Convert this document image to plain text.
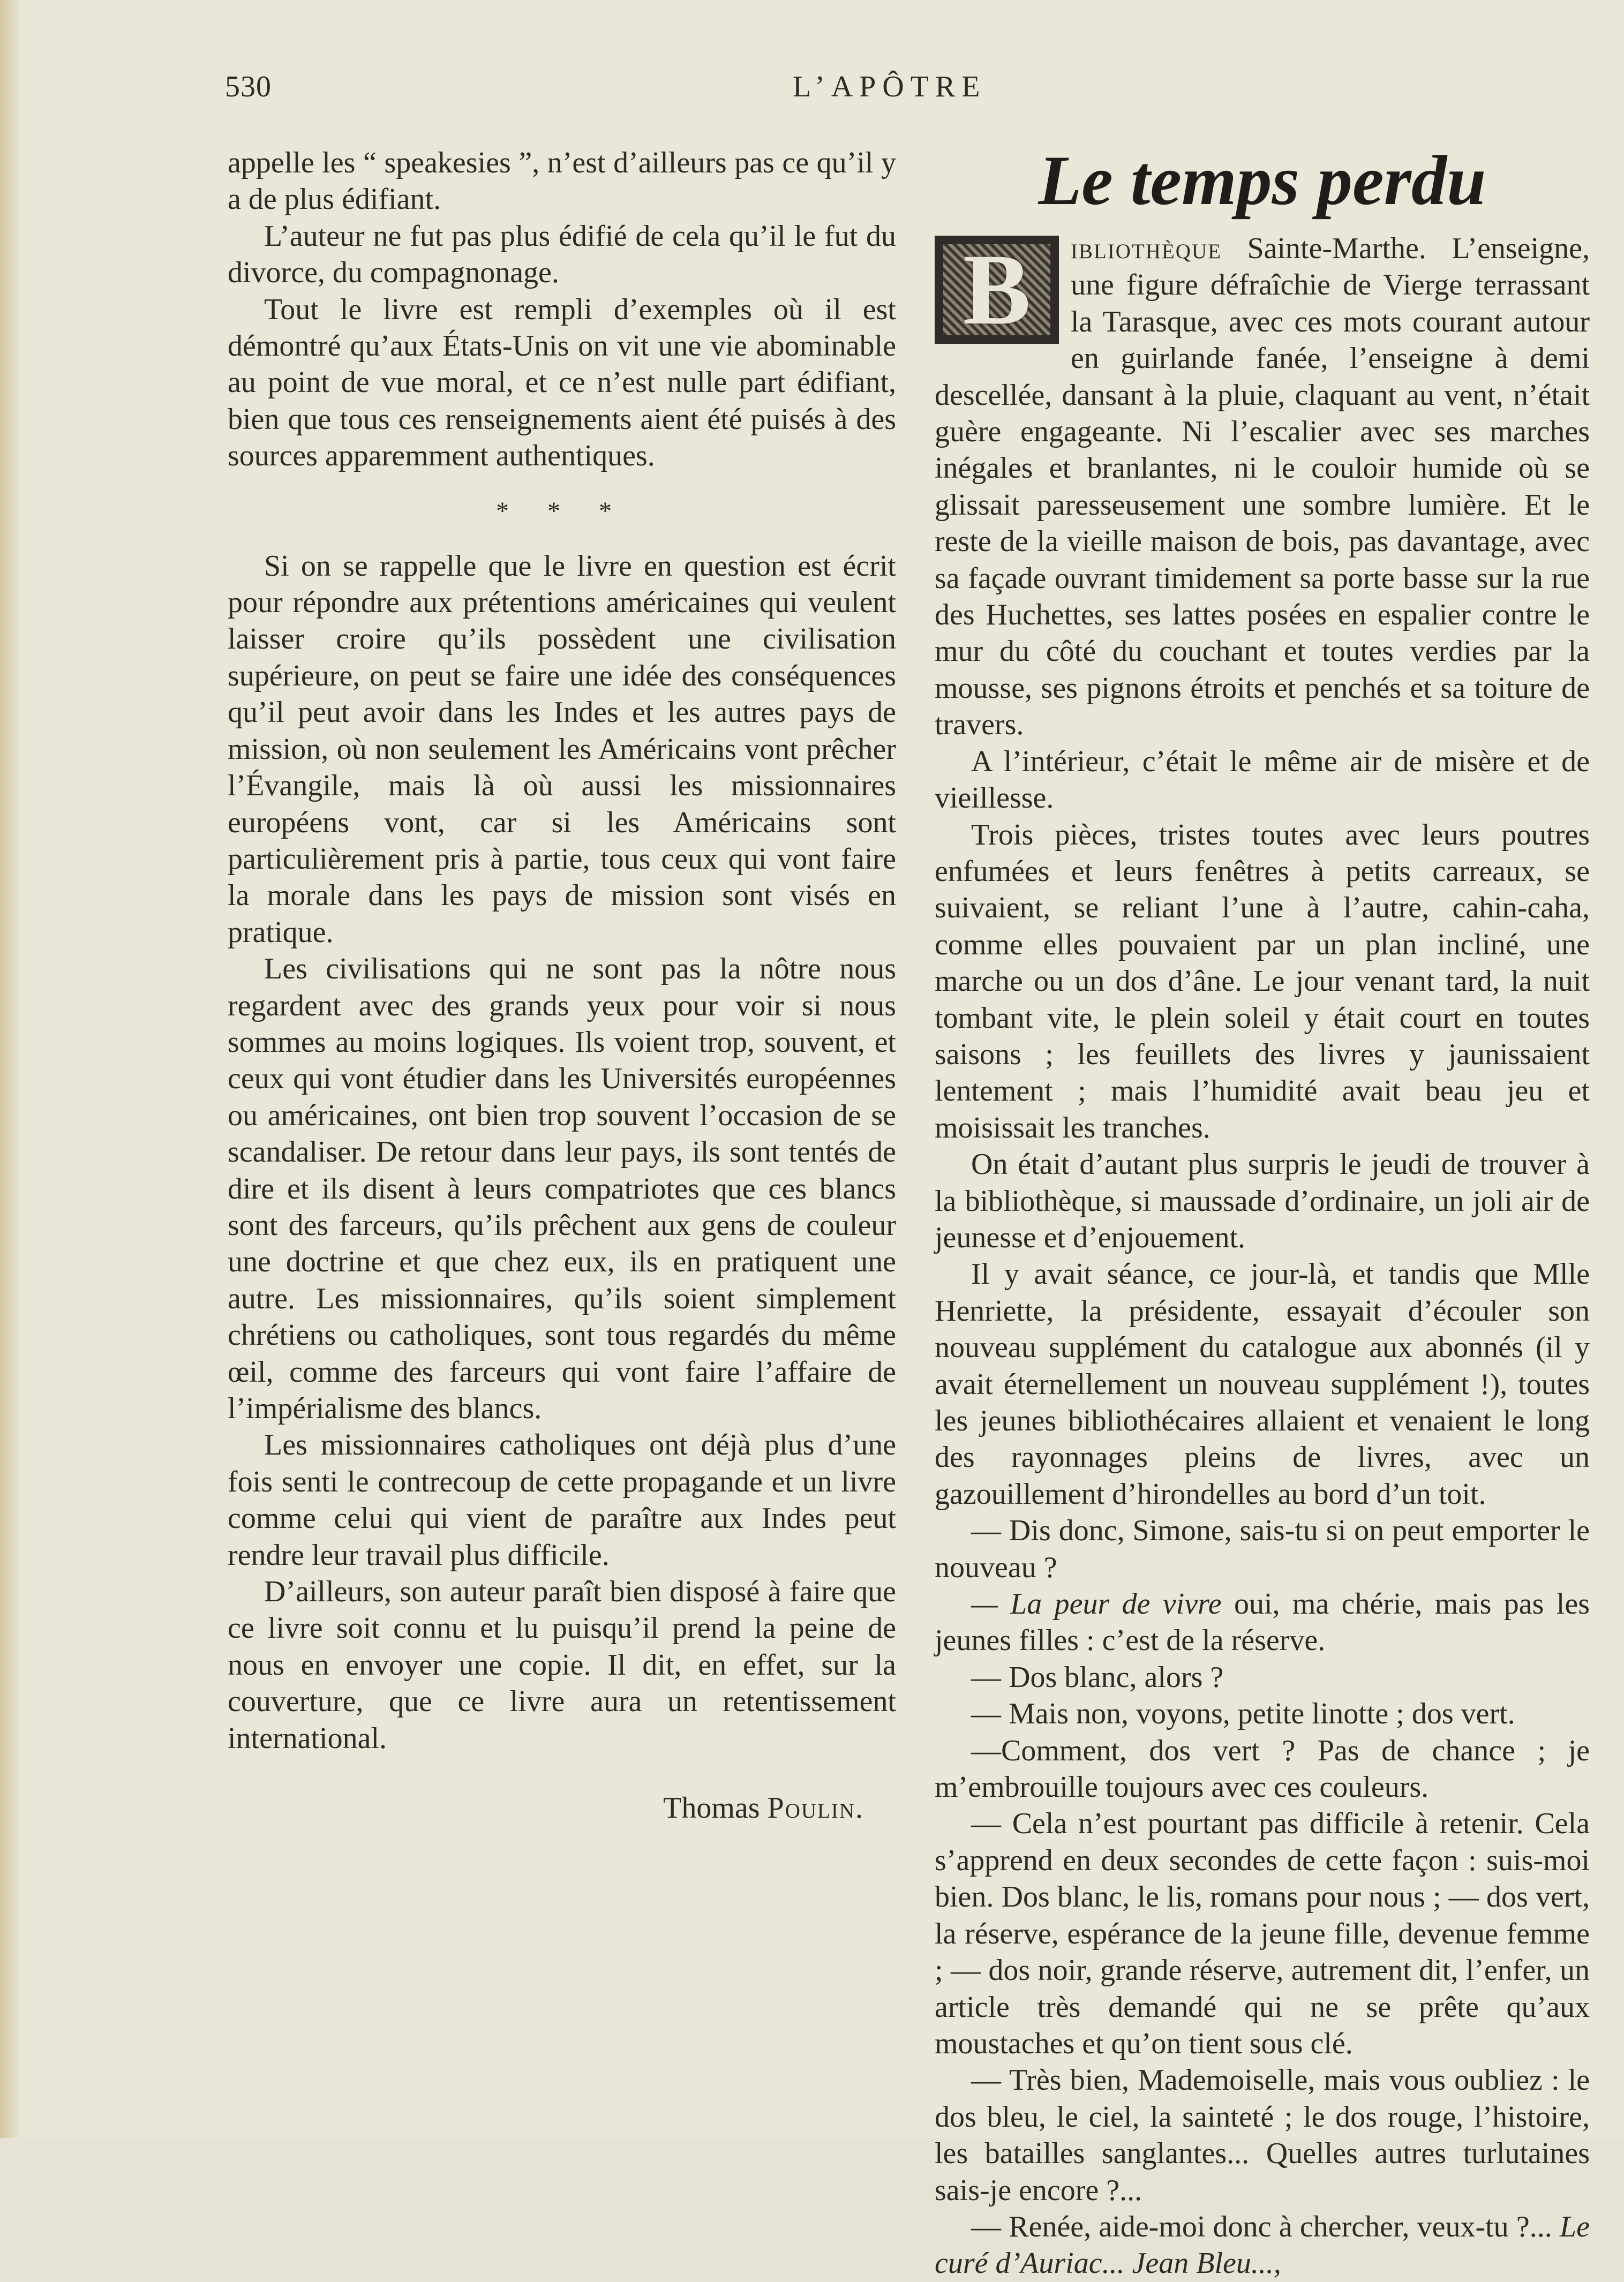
530	L’APÔTRE

appelle les “ speakesies ”, n’est d’ailleurs pas ce qu’il y a de plus édifiant.

L’auteur ne fut pas plus édifié de cela qu’il le fut du divorce, du compagnonage.

Tout le livre est rempli d’exemples où il est démontré qu’aux États-Unis on vit une vie abominable au point de vue moral, et ce n’est nulle part édifiant, bien que tous ces renseignements aient été puisés à des sources apparemment authentiques.

* * *

Si on se rappelle que le livre en question est écrit pour répondre aux prétentions américaines qui veulent laisser croire qu’ils possèdent une civilisation supérieure, on peut se faire une idée des conséquences qu’il peut avoir dans les Indes et les autres pays de mission, où non seulement les Américains vont prêcher l’Évangile, mais là où aussi les missionnaires européens vont, car si les Américains sont particulièrement pris à partie, tous ceux qui vont faire la morale dans les pays de mission sont visés en pratique.

Les civilisations qui ne sont pas la nôtre nous regardent avec des grands yeux pour voir si nous sommes au moins logiques. Ils voient trop, souvent, et ceux qui vont étudier dans les Universités européennes ou américaines, ont bien trop souvent l’occasion de se scandaliser. De retour dans leur pays, ils sont tentés de dire et ils disent à leurs compatriotes que ces blancs sont des farceurs, qu’ils prêchent aux gens de couleur une doctrine et que chez eux, ils en pratiquent une autre. Les missionnaires, qu’ils soient simplement chrétiens ou catholiques, sont tous regardés du même œil, comme des farceurs qui vont faire l’affaire de l’impérialisme des blancs.

Les missionnaires catholiques ont déjà plus d’une fois senti le contrecoup de cette propagande et un livre comme celui qui vient de paraître aux Indes peut rendre leur travail plus difficile.

D’ailleurs, son auteur paraît bien disposé à faire que ce livre soit connu et lu puisqu’il prend la peine de nous en envoyer une copie. Il dit, en effet, sur la couverture, que ce livre aura un retentissement international.

Thomas Poulin.
Le temps perdu

B	ibliothèque Sainte-Marthe. L’enseigne, une figure défraîchie de Vierge terrassant la Tarasque, avec ces mots courant autour en guirlande fanée, l’enseigne à demi descellée, dansant à la pluie, claquant au vent, n’était guère engageante. Ni l’escalier avec ses marches inégales et branlantes, ni le couloir humide où se glissait paresseusement une sombre lumière. Et le reste de la vieille maison de bois, pas davantage, avec sa façade ouvrant timidement sa porte basse sur la rue des Huchettes, ses lattes posées en espalier contre le mur du côté du couchant et toutes verdies par la mousse, ses pignons étroits et penchés et sa toiture de travers.

A l’intérieur, c’était le même air de misère et de vieillesse.

Trois pièces, tristes toutes avec leurs poutres enfumées et leurs fenêtres à petits carreaux, se suivaient, se reliant l’une à l’autre, cahin-caha, comme elles pouvaient par un plan incliné, une marche ou un dos d’âne. Le jour venant tard, la nuit tombant vite, le plein soleil y était court en toutes saisons ; les feuillets des livres y jaunissaient lentement ; mais l’humidité avait beau jeu et moisissait les tranches.

On était d’autant plus surpris le jeudi de trouver à la bibliothèque, si maussade d’ordinaire, un joli air de jeunesse et d’enjouement.

Il y avait séance, ce jour-là, et tandis que Mlle Henriette, la présidente, essayait d’écouler son nouveau supplément du catalogue aux abonnés (il y avait éternellement un nouveau supplément !), toutes les jeunes bibliothécaires allaient et venaient le long des rayonnages pleins de livres, avec un gazouillement d’hirondelles au bord d’un toit.

— Dis donc, Simone, sais-tu si on peut emporter le nouveau ?

— La peur de vivre oui, ma chérie, mais pas les jeunes filles : c’est de la réserve.

— Dos blanc, alors ?

— Mais non, voyons, petite linotte ; dos vert.

—Comment, dos vert ? Pas de chance ; je m’embrouille toujours avec ces couleurs.

— Cela n’est pourtant pas difficile à retenir. Cela s’apprend en deux secondes de cette façon : suis-moi bien. Dos blanc, le lis, romans pour nous ; — dos vert, la réserve, espérance de la jeune fille, devenue femme ; — dos noir, grande réserve, autrement dit, l’enfer, un article très demandé qui ne se prête qu’aux moustaches et qu’on tient sous clé.

— Très bien, Mademoiselle, mais vous oubliez : le dos bleu, le ciel, la sainteté ; le dos rouge, l’histoire, les batailles sanglantes... Quelles autres turlutaines sais-je encore ?...

— Renée, aide-moi donc à chercher, veux-tu ?... Le curé d’Auriac... Jean Bleu...,
